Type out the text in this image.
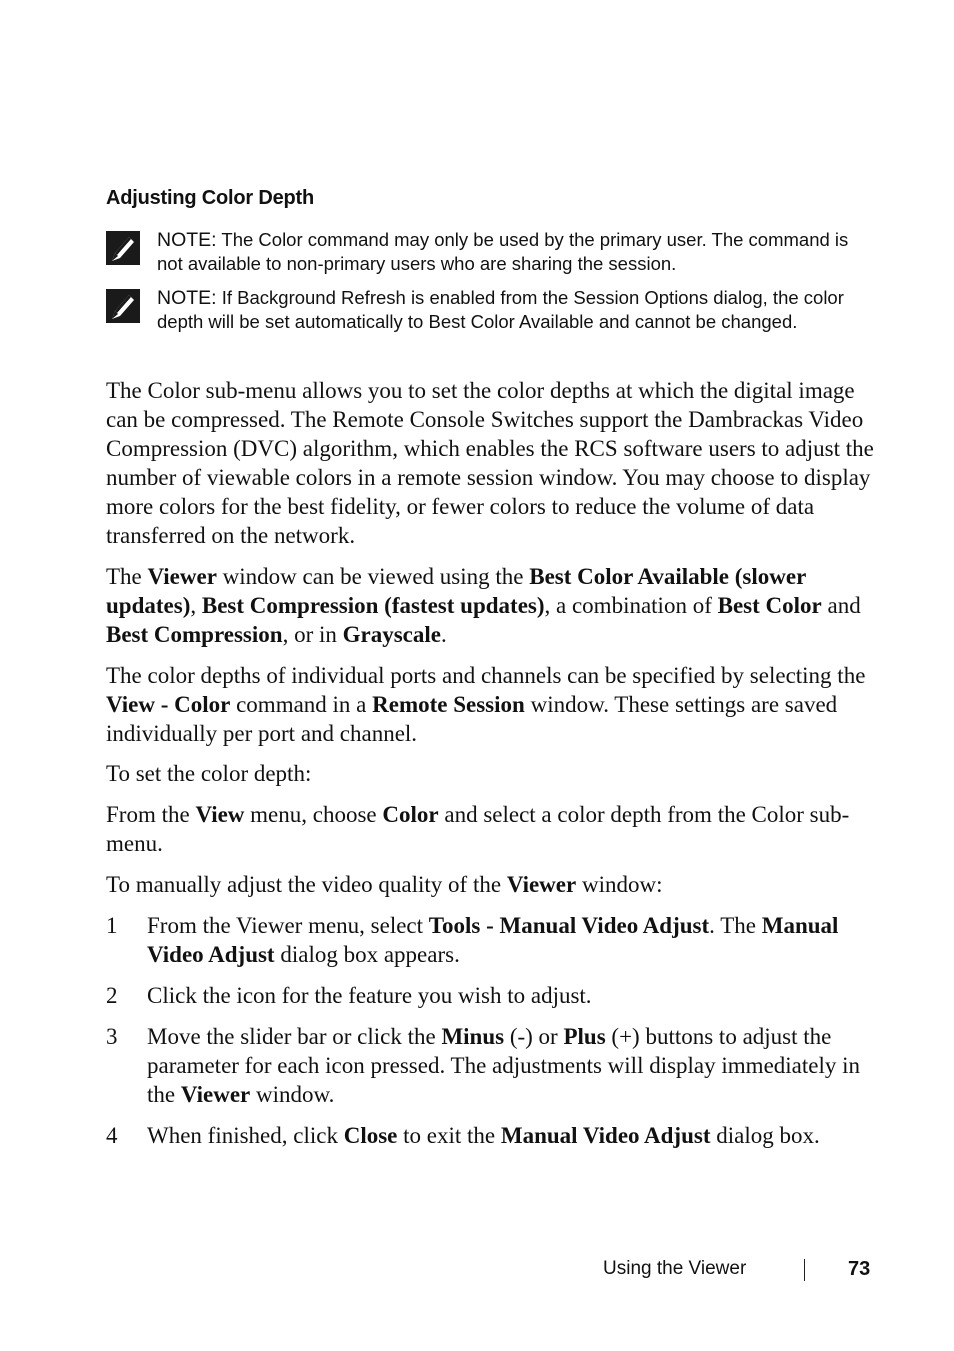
Adjusting Color Depth
NOTE: The Color command may only be used by the primary user. The command is not available to non-primary users who are sharing the session.
NOTE: If Background Refresh is enabled from the Session Options dialog, the color depth will be set automatically to Best Color Available and cannot be changed.

The Color sub-menu allows you to set the color depths at which the digital image can be compressed. The Remote Console Switches support the Dambrackas Video Compression (DVC) algorithm, which enables the RCS software users to adjust the number of viewable colors in a remote session window. You may choose to display more colors for the best fidelity, or fewer colors to reduce the volume of data transferred on the network.

The Viewer window can be viewed using the Best Color Available (slower updates), Best Compression (fastest updates), a combination of Best Color and Best Compression, or in Grayscale.

The color depths of individual ports and channels can be specified by selecting the View - Color command in a Remote Session window. These settings are saved individually per port and channel.

To set the color depth:

From the View menu, choose Color and select a color depth from the Color sub-menu.

To manually adjust the video quality of the Viewer window:

1 From the Viewer menu, select Tools - Manual Video Adjust. The Manual Video Adjust dialog box appears.
2 Click the icon for the feature you wish to adjust.
3 Move the slider bar or click the Minus (-) or Plus (+) buttons to adjust the parameter for each icon pressed. The adjustments will display immediately in the Viewer window.
4 When finished, click Close to exit the Manual Video Adjust dialog box.
Using the Viewer	73
